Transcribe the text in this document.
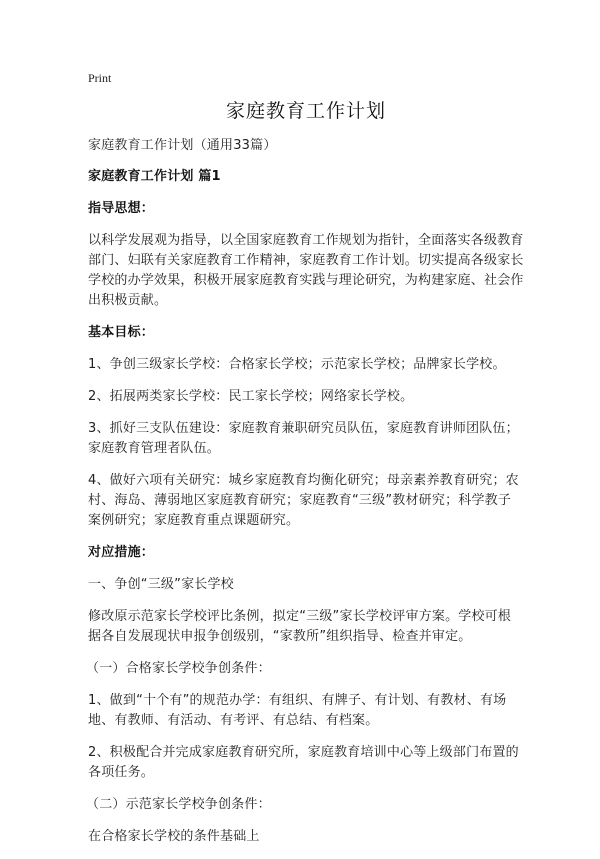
Print
家庭教育工作计划

家庭教育工作计划（通用33篇）

家庭教育工作计划 篇1

指导思想：

以科学发展观为指导，以全国家庭教育工作规划为指针，全面落实各级教育部门、妇联有关家庭教育工作精神，家庭教育工作计划。切实提高各级家长学校的办学效果，积极开展家庭教育实践与理论研究，为构建家庭、社会作出积极贡献。

基本目标：

1、争创三级家长学校：合格家长学校；示范家长学校；品牌家长学校。

2、拓展两类家长学校：民工家长学校；网络家长学校。

3、抓好三支队伍建设：家庭教育兼职研究员队伍，家庭教育讲师团队伍；家庭教育管理者队伍。

4、做好六项有关研究：城乡家庭教育均衡化研究；母亲素养教育研究；农村、海岛、薄弱地区家庭教育研究；家庭教育“三级”教材研究；科学教子案例研究；家庭教育重点课题研究。

对应措施：

一、争创“三级”家长学校

修改原示范家长学校评比条例，拟定“三级”家长学校评审方案。学校可根据各自发展现状申报争创级别，“家教所”组织指导、检查并审定。

（一）合格家长学校争创条件：

1、做到“十个有”的规范办学：有组织、有牌子、有计划、有教材、有场地、有教师、有活动、有考评、有总结、有档案。

2、积极配合并完成家庭教育研究所，家庭教育培训中心等上级部门布置的各项任务。

（二）示范家长学校争创条件：

在合格家长学校的条件基础上
